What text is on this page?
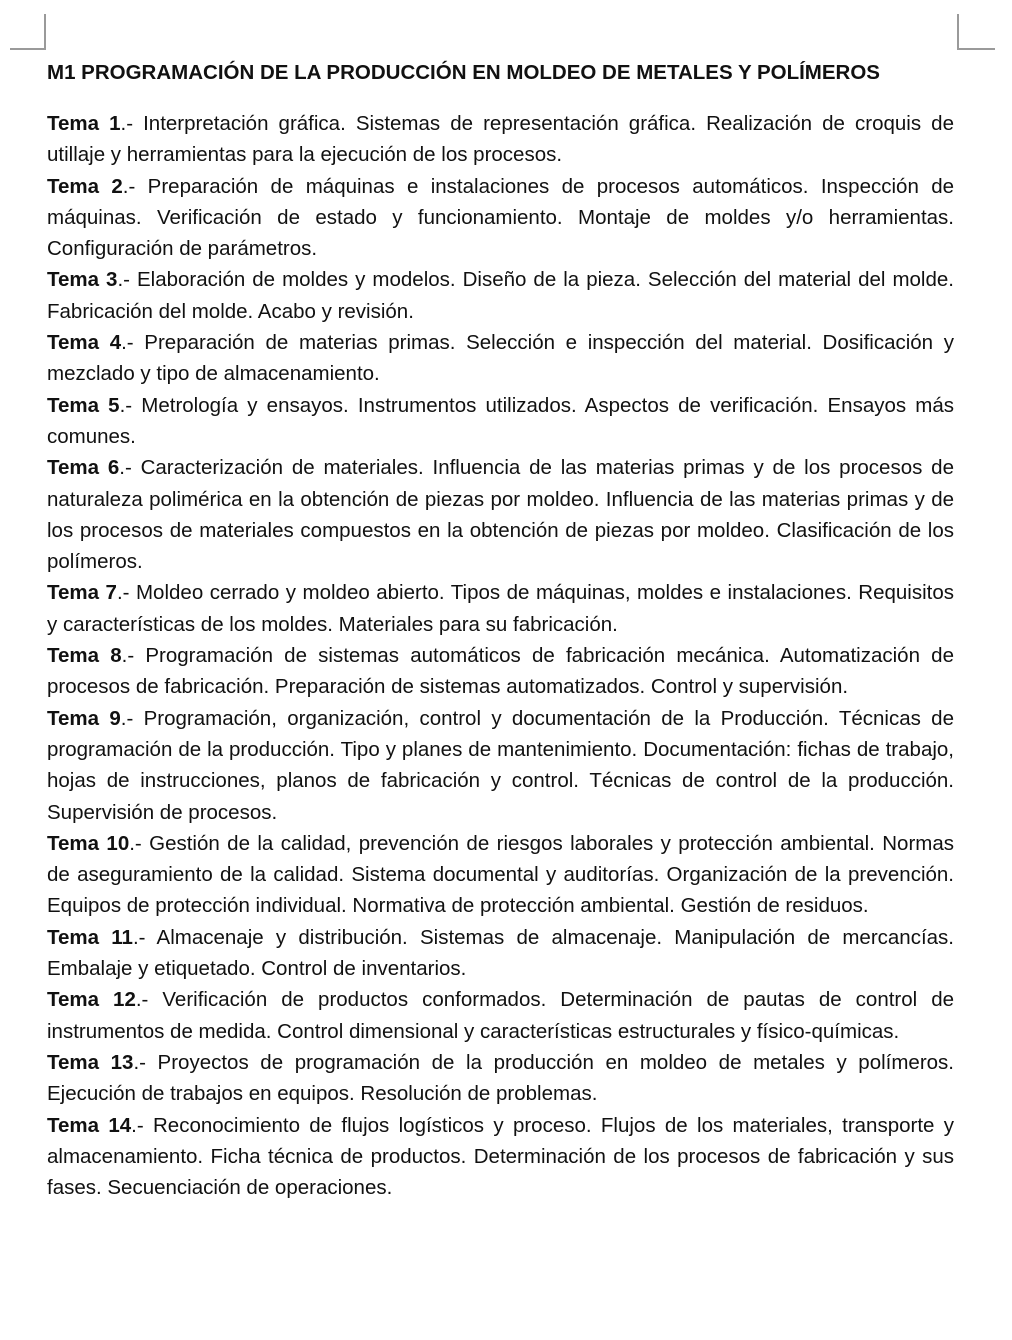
M1 PROGRAMACIÓN DE LA PRODUCCIÓN EN MOLDEO DE METALES Y POLÍMEROS

Tema 1.- Interpretación gráfica. Sistemas de representación gráfica. Realización de croquis de utillaje y herramientas para la ejecución de los procesos.

Tema 2.- Preparación de máquinas e instalaciones de procesos automáticos. Inspección de máquinas. Verificación de estado y funcionamiento. Montaje de moldes y/o herramientas. Configuración de parámetros.

Tema 3.- Elaboración de moldes y modelos. Diseño de la pieza. Selección del material del molde. Fabricación del molde. Acabo y revisión.

Tema 4.- Preparación de materias primas. Selección e inspección del material. Dosificación y mezclado y tipo de almacenamiento.

Tema 5.- Metrología y ensayos. Instrumentos utilizados. Aspectos de verificación. Ensayos más comunes.

Tema 6.- Caracterización de materiales. Influencia de las materias primas y de los procesos de naturaleza polimérica en la obtención de piezas por moldeo. Influencia de las materias primas y de los procesos de materiales compuestos en la obtención de piezas por moldeo. Clasificación de los polímeros.

Tema 7.- Moldeo cerrado y moldeo abierto. Tipos de máquinas, moldes e instalaciones. Requisitos y características de los moldes. Materiales para su fabricación.

Tema 8.- Programación de sistemas automáticos de fabricación mecánica. Automatización de procesos de fabricación. Preparación de sistemas automatizados. Control y supervisión.

Tema 9.- Programación, organización, control y documentación de la Producción. Técnicas de programación de la producción. Tipo y planes de mantenimiento. Documentación: fichas de trabajo, hojas de instrucciones, planos de fabricación y control. Técnicas de control de la producción. Supervisión de procesos.

Tema 10.- Gestión de la calidad, prevención de riesgos laborales y protección ambiental. Normas de aseguramiento de la calidad. Sistema documental y auditorías. Organización de la prevención. Equipos de protección individual. Normativa de protección ambiental. Gestión de residuos.

Tema 11.- Almacenaje y distribución. Sistemas de almacenaje. Manipulación de mercancías. Embalaje y etiquetado. Control de inventarios.

Tema 12.- Verificación de productos conformados. Determinación de pautas de control de instrumentos de medida. Control dimensional y características estructurales y físico-químicas.

Tema 13.- Proyectos de programación de la producción en moldeo de metales y polímeros. Ejecución de trabajos en equipos. Resolución de problemas.

Tema 14.- Reconocimiento de flujos logísticos y proceso. Flujos de los materiales, transporte y almacenamiento. Ficha técnica de productos. Determinación de los procesos de fabricación y sus fases. Secuenciación de operaciones.
